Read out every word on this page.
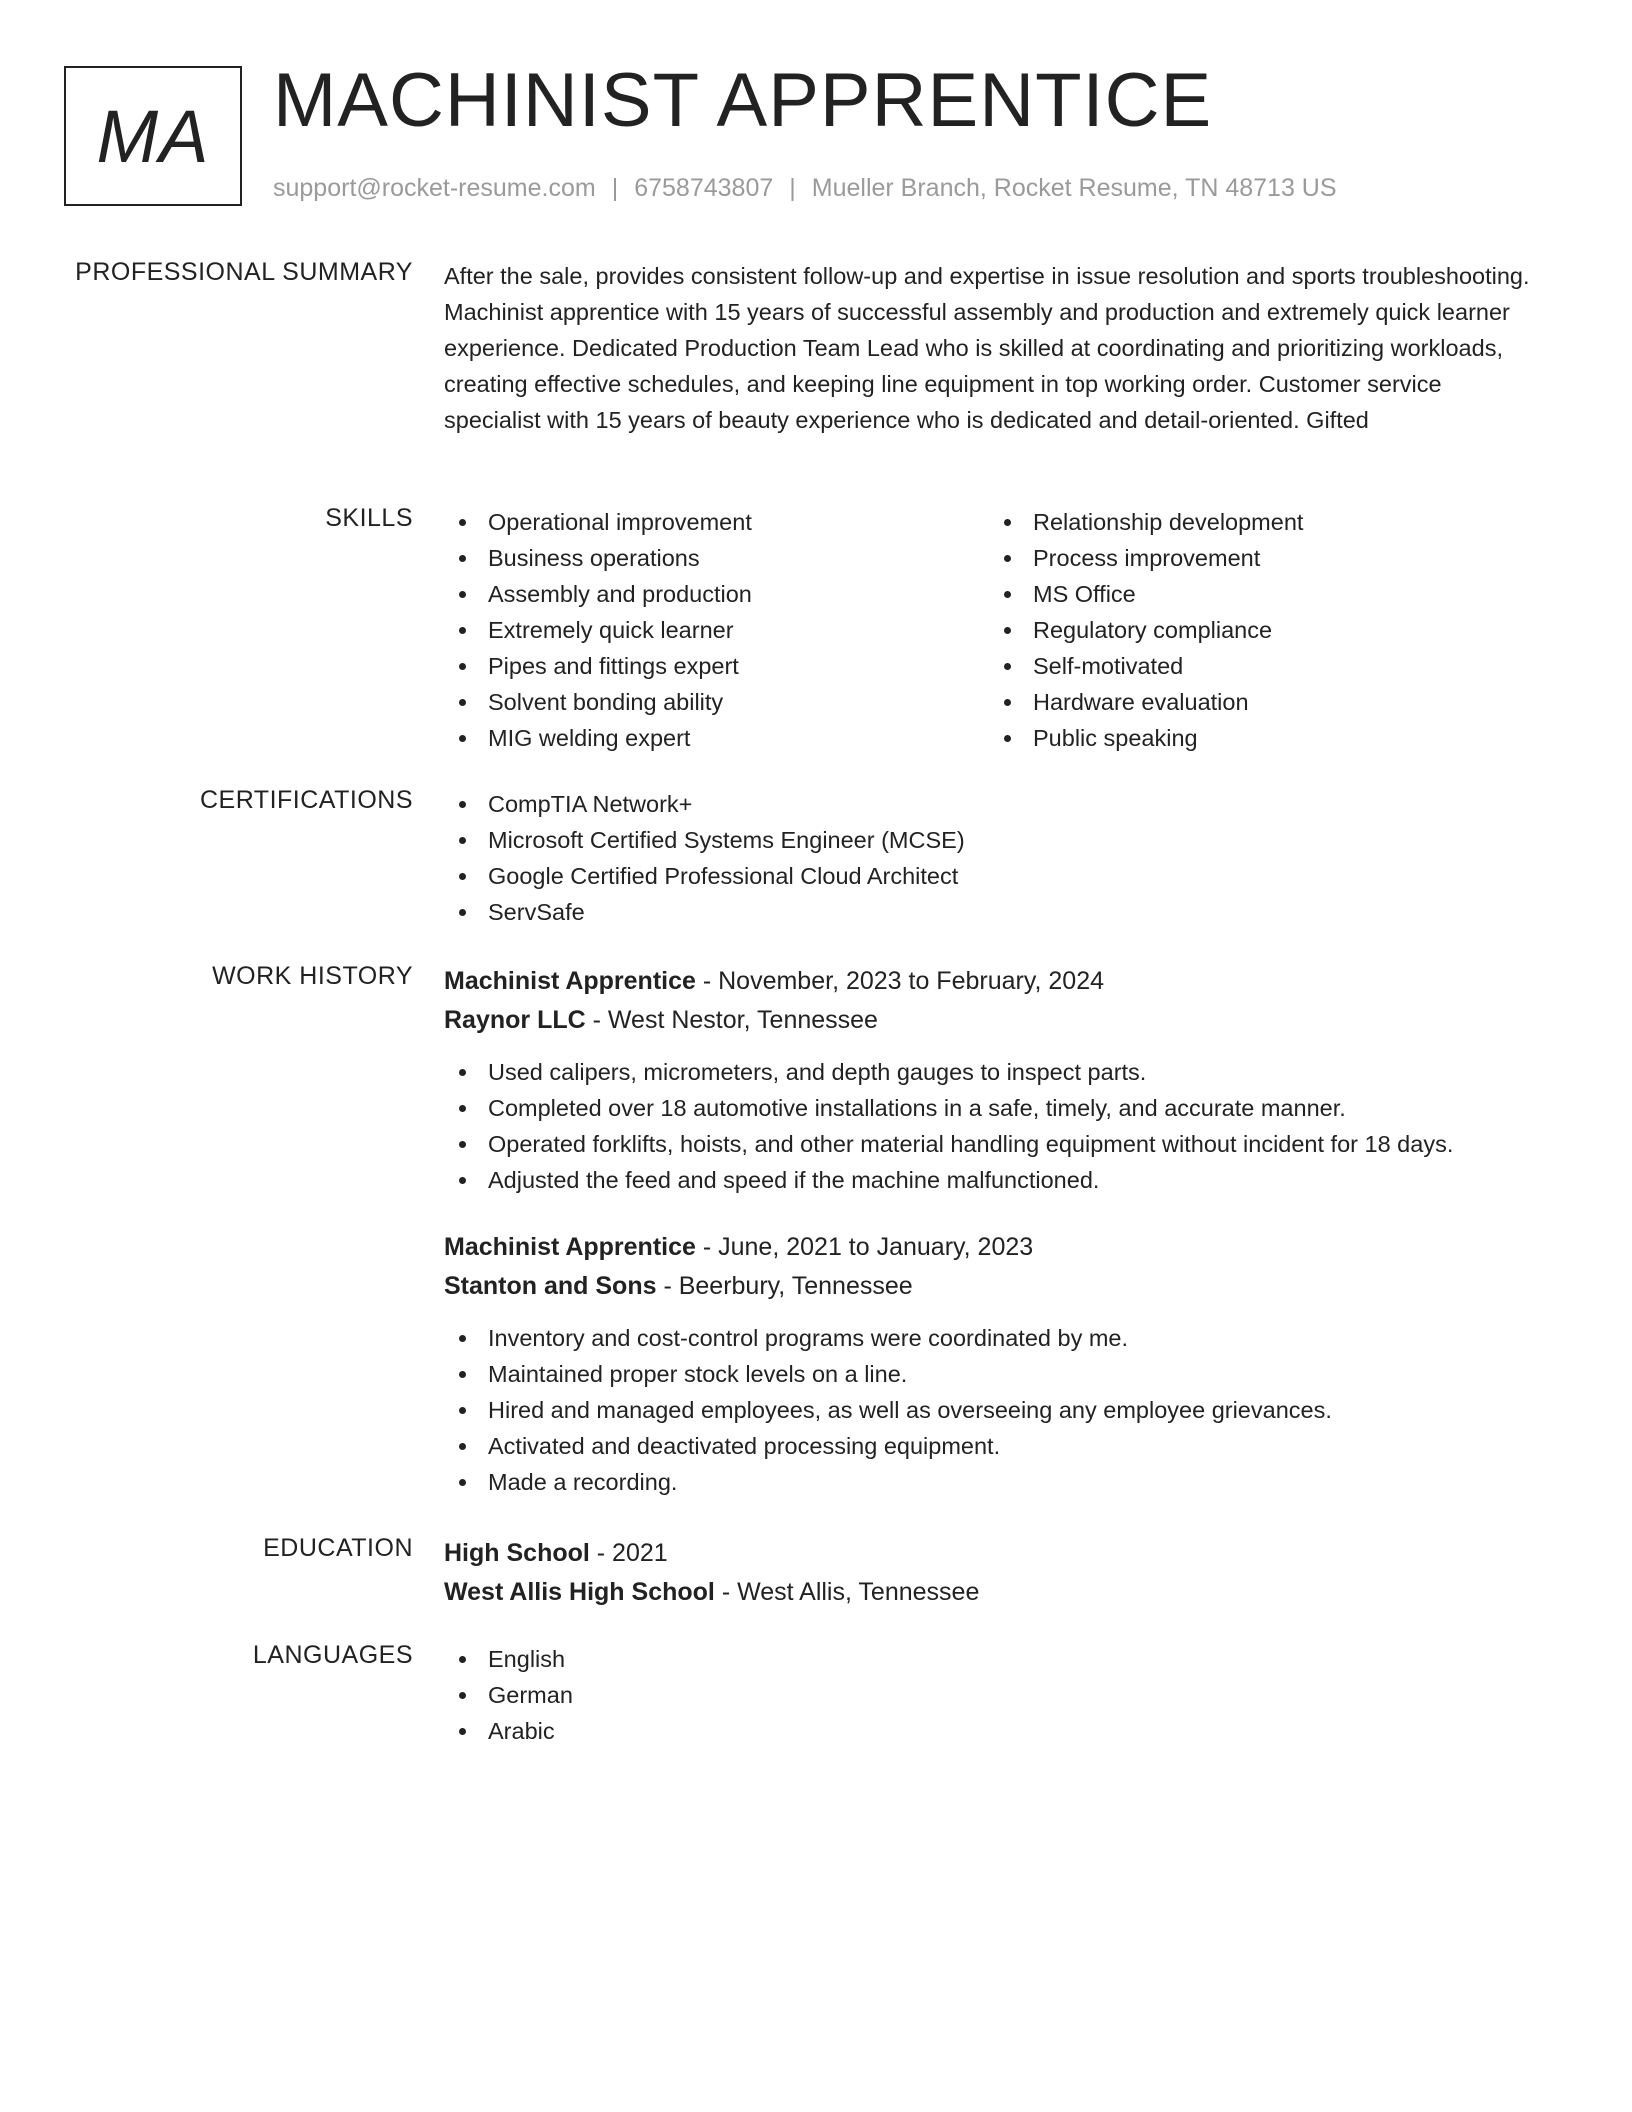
MA MACHINIST APPRENTICE
support@rocket-resume.com | 6758743807 | Mueller Branch, Rocket Resume, TN 48713 US
PROFESSIONAL SUMMARY After the sale, provides consistent follow-up and expertise in issue resolution and sports troubleshooting. Machinist apprentice with 15 years of successful assembly and production and extremely quick learner experience. Dedicated Production Team Lead who is skilled at coordinating and prioritizing workloads, creating effective schedules, and keeping line equipment in top working order. Customer service specialist with 15 years of beauty experience who is dedicated and detail-oriented. Gifted

SKILLS	Operational improvement
Business operations
Assembly and production
Extremely quick learner
Pipes and fittings expert
Solvent bonding ability
MIG welding expert
Relationship development
Process improvement
MS Office
Regulatory compliance
Self-motivated
Hardware evaluation
Public speaking
CERTIFICATIONS	CompTIA Network+
Microsoft Certified Systems Engineer (MCSE)
Google Certified Professional Cloud Architect
ServSafe
WORK HISTORY Machinist Apprentice - November, 2023 to February, 2024
Raynor LLC - West Nestor, Tennessee
Used calipers, micrometers, and depth gauges to inspect parts.
Completed over 18 automotive installations in a safe, timely, and accurate manner.
Operated forklifts, hoists, and other material handling equipment without incident for 18 days.
Adjusted the feed and speed if the machine malfunctioned.
Machinist Apprentice - June, 2021 to January, 2023
Stanton and Sons - Beerbury, Tennessee
Inventory and cost-control programs were coordinated by me.
Maintained proper stock levels on a line.
Hired and managed employees, as well as overseeing any employee grievances.
Activated and deactivated processing equipment.
Made a recording.
EDUCATION High School - 2021
West Allis High School - West Allis, Tennessee
LANGUAGES	English
German
Arabic
